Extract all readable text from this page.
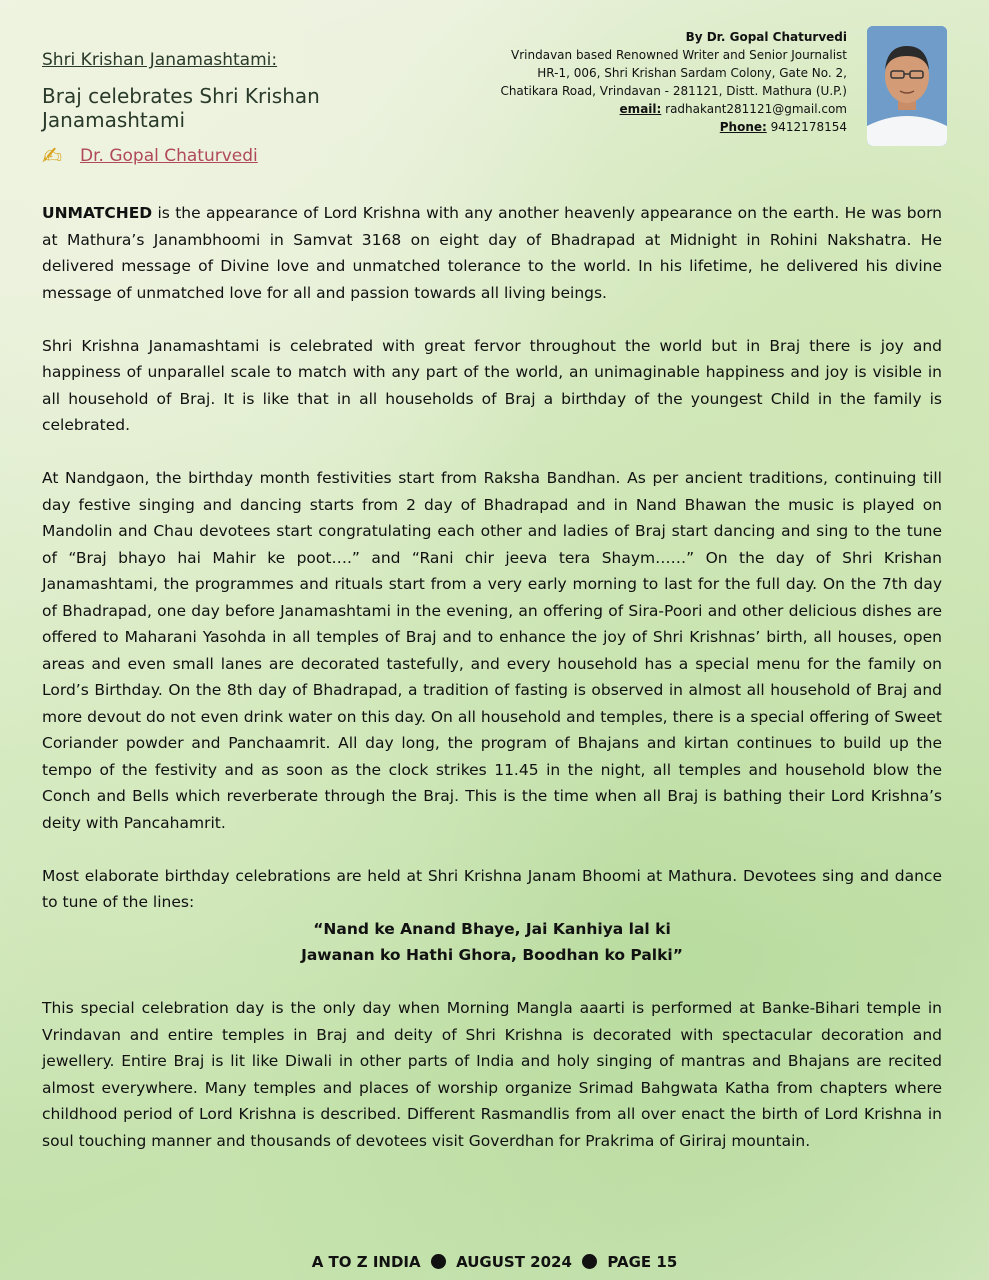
Shri Krishan Janamashtami:
Braj celebrates Shri Krishan Janamashtami
✍	Dr. Gopal Chaturvedi
By Dr. Gopal Chaturvedi
Vrindavan based Renowned Writer and Senior Journalist
HR-1, 006, Shri Krishan Sardam Colony, Gate No. 2,
Chatikara Road, Vrindavan - 281121, Distt. Mathura (U.P.)
email: radhakant281121@gmail.com
Phone: 9412178154

UNMATCHED is the appearance of Lord Krishna with any another heavenly appearance on the earth. He was born at Mathura’s Janambhoomi in Samvat 3168 on eight day of Bhadrapad at Midnight in Rohini Nakshatra. He delivered message of Divine love and unmatched tolerance to the world. In his lifetime, he delivered his divine message of unmatched love for all and passion towards all living beings.

Shri Krishna Janamashtami is celebrated with great fervor throughout the world but in Braj there is joy and happiness of unparallel scale to match with any part of the world, an unimaginable happiness and joy is visible in all household of Braj. It is like that in all households of Braj a birthday of the youngest Child in the family is celebrated.

At Nandgaon, the birthday month festivities start from Raksha Bandhan. As per ancient traditions, continuing till day festive singing and dancing starts from 2 day of Bhadrapad and in Nand Bhawan the music is played on Mandolin and Chau devotees start congratulating each other and ladies of Braj start dancing and sing to the tune of “Braj bhayo hai Mahir ke poot….” and “Rani chir jeeva tera Shaym……” On the day of Shri Krishan Janamashtami, the programmes and rituals start from a very early morning to last for the full day. On the 7th day of Bhadrapad, one day before Janamashtami in the evening, an offering of Sira-Poori and other delicious dishes are offered to Maharani Yasohda in all temples of Braj and to enhance the joy of Shri Krishnas’ birth, all houses, open areas and even small lanes are decorated tastefully, and every household has a special menu for the family on Lord’s Birthday. On the 8th day of Bhadrapad, a tradition of fasting is observed in almost all household of Braj and more devout do not even drink water on this day. On all household and temples, there is a special offering of Sweet Coriander powder and Panchaamrit. All day long, the program of Bhajans and kirtan continues to build up the tempo of the festivity and as soon as the clock strikes 11.45 in the night, all temples and household blow the Conch and Bells which reverberate through the Braj. This is the time when all Braj is bathing their Lord Krishna’s deity with Pancahamrit.

Most elaborate birthday celebrations are held at Shri Krishna Janam Bhoomi at Mathura. Devotees sing and dance to tune of the lines:

“Nand ke Anand Bhaye, Jai Kanhiya lal ki
Jawanan ko Hathi Ghora, Boodhan ko Palki”

This special celebration day is the only day when Morning Mangla aaarti is performed at Banke-Bihari temple in Vrindavan and entire temples in Braj and deity of Shri Krishna is decorated with spectacular decoration and jewellery. Entire Braj is lit like Diwali in other parts of India and holy singing of mantras and Bhajans are recited almost everywhere. Many temples and places of worship organize Srimad Bahgwata Katha from chapters where childhood period of Lord Krishna is described. Different Rasmandlis from all over enact the birth of Lord Krishna in soul touching manner and thousands of devotees visit Goverdhan for Prakrima of Giriraj mountain.

A TO Z INDIA AUGUST 2024 PAGE 15
